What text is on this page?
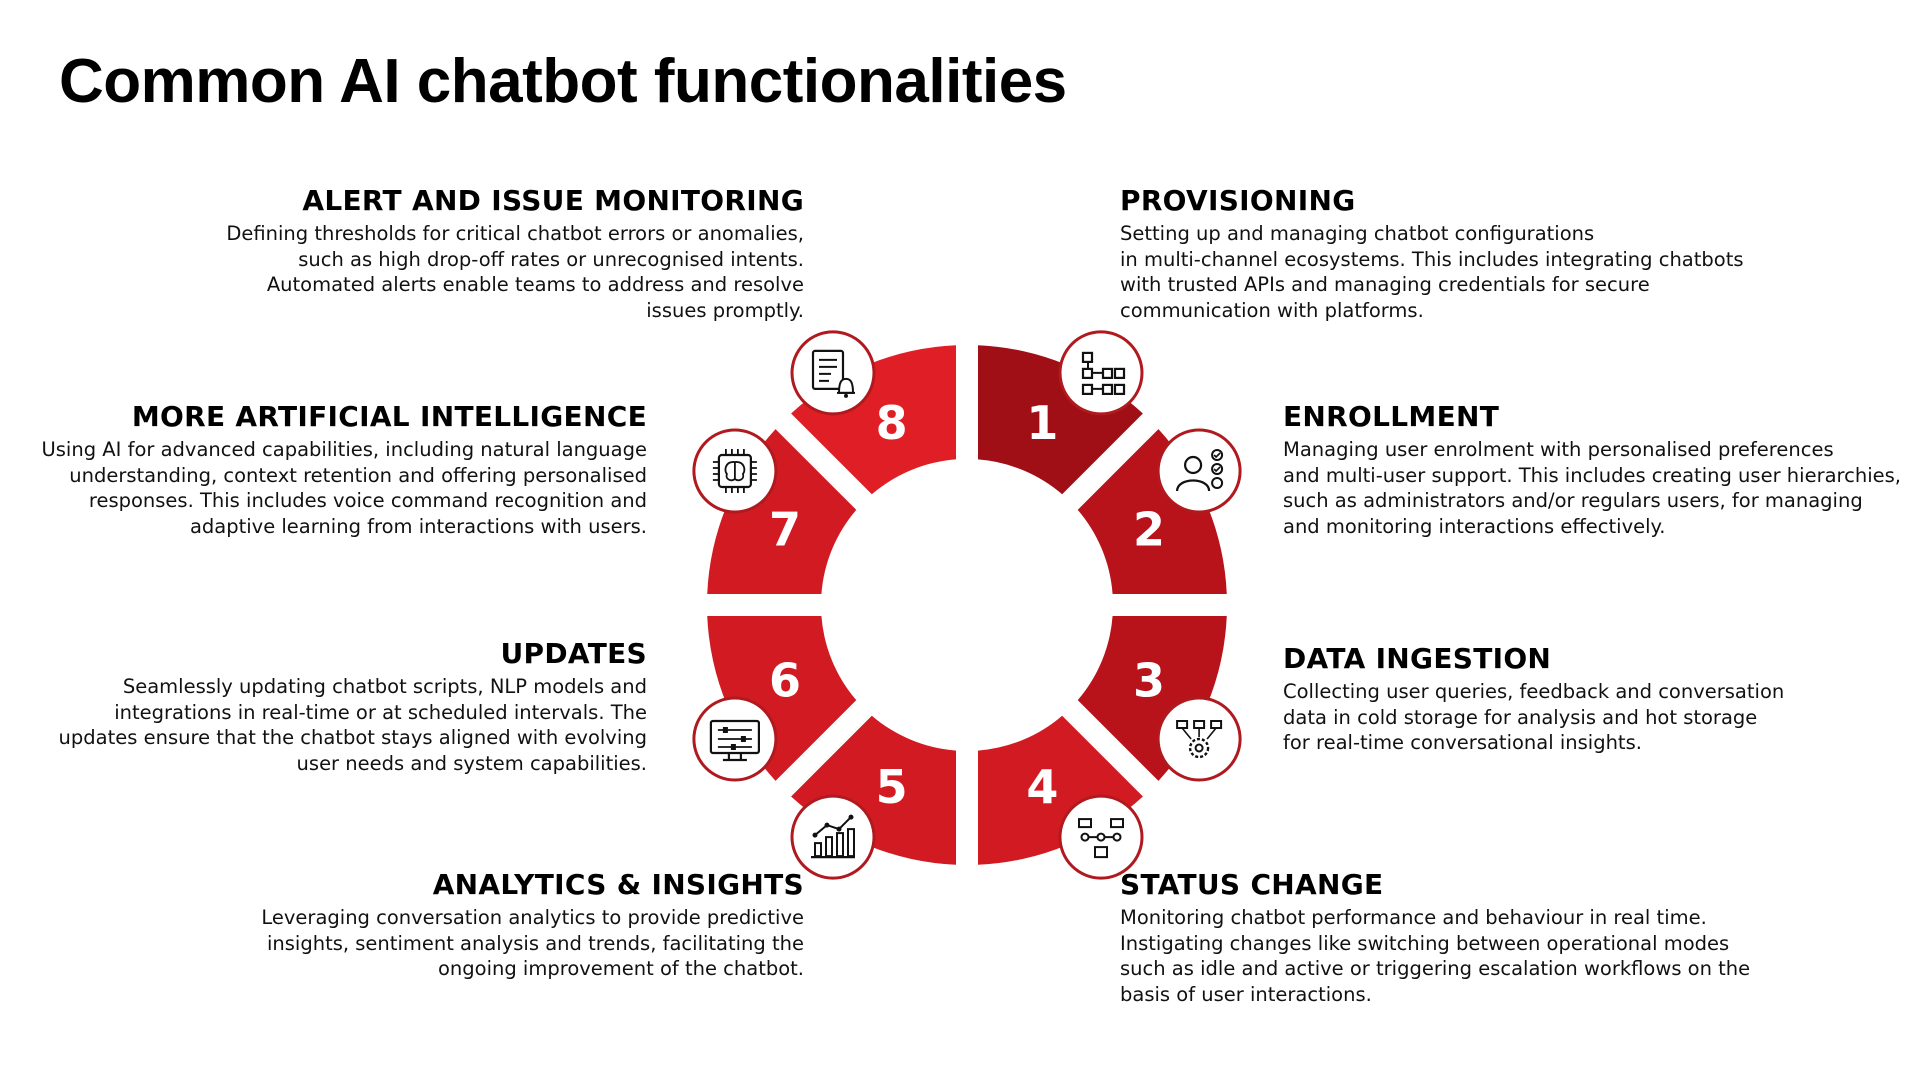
Common AI chatbot functionalities
1
2
3
4
5
6
7
8
PROVISIONING
Setting up and managing chatbot configurations
in multi-channel ecosystems. This includes integrating chatbots
with trusted APIs and managing credentials for secure
communication with platforms.
ENROLLMENT
Managing user enrolment with personalised preferences
and multi-user support. This includes creating user hierarchies,
such as administrators and/or regulars users, for managing
and monitoring interactions effectively.
DATA INGESTION
Collecting user queries, feedback and conversation
data in cold storage for analysis and hot storage
for real-time conversational insights.
STATUS CHANGE
Monitoring chatbot performance and behaviour in real time.
Instigating changes like switching between operational modes
such as idle and active or triggering escalation workflows on the
basis of user interactions.
ALERT AND ISSUE MONITORING
Defining thresholds for critical chatbot errors or anomalies,
such as high drop-off rates or unrecognised intents.
Automated alerts enable teams to address and resolve
issues promptly.
MORE ARTIFICIAL INTELLIGENCE
Using AI for advanced capabilities, including natural language
understanding, context retention and offering personalised
responses. This includes voice command recognition and
adaptive learning from interactions with users.
UPDATES
Seamlessly updating chatbot scripts, NLP models and
integrations in real-time or at scheduled intervals. The
updates ensure that the chatbot stays aligned with evolving
user needs and system capabilities.
ANALYTICS & INSIGHTS
Leveraging conversation analytics to provide predictive
insights, sentiment analysis and trends, facilitating the
ongoing improvement of the chatbot.
